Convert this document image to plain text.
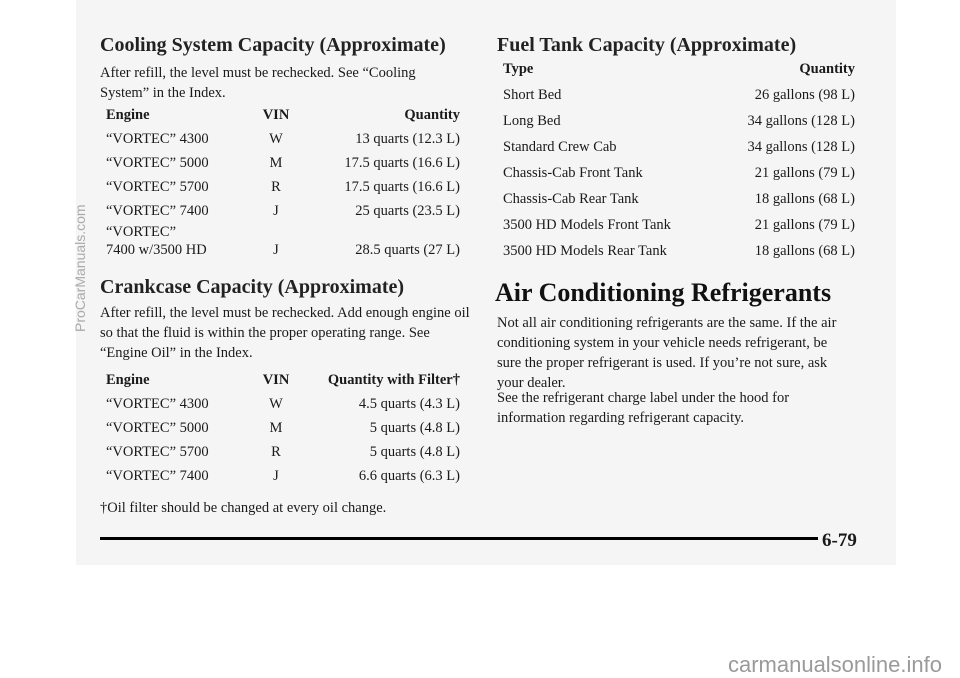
Cooling System Capacity (Approximate)

After refill, the level must be rechecked. See “Cooling System” in the Index.

Engine	VIN	Quantity
“VORTEC” 4300	W	13 quarts (12.3 L)
“VORTEC” 5000	M	17.5 quarts (16.6 L)
“VORTEC” 5700	R	17.5 quarts (16.6 L)
“VORTEC” 7400	J	25 quarts (23.5 L)
“VORTEC”
7400 w/3500 HD	J	28.5 quarts (27 L)
Crankcase Capacity (Approximate)

After refill, the level must be rechecked. Add enough engine oil so that the fluid is within the proper operating range. See “Engine Oil” in the Index.

Engine	VIN	Quantity with Filter†
“VORTEC” 4300	W	4.5 quarts (4.3 L)
“VORTEC” 5000	M	5 quarts (4.8 L)
“VORTEC” 5700	R	5 quarts (4.8 L)
“VORTEC” 7400	J	6.6 quarts (6.3 L)

†Oil filter should be changed at every oil change.

Fuel Tank Capacity (Approximate)
Type	Quantity
Short Bed	26 gallons (98 L)
Long Bed	34 gallons (128 L)
Standard Crew Cab	34 gallons (128 L)
Chassis-Cab Front Tank	21 gallons (79 L)
Chassis-Cab Rear Tank	18 gallons (68 L)
3500 HD Models Front Tank	21 gallons (79 L)
3500 HD Models Rear Tank	18 gallons (68 L)
Air Conditioning Refrigerants

Not all air conditioning refrigerants are the same. If the air conditioning system in your vehicle needs refrigerant, be sure the proper refrigerant is used. If you’re not sure, ask your dealer.

See the refrigerant charge label under the hood for information regarding refrigerant capacity.

6-79
ProCarManuals.com
carmanualsonline.info
